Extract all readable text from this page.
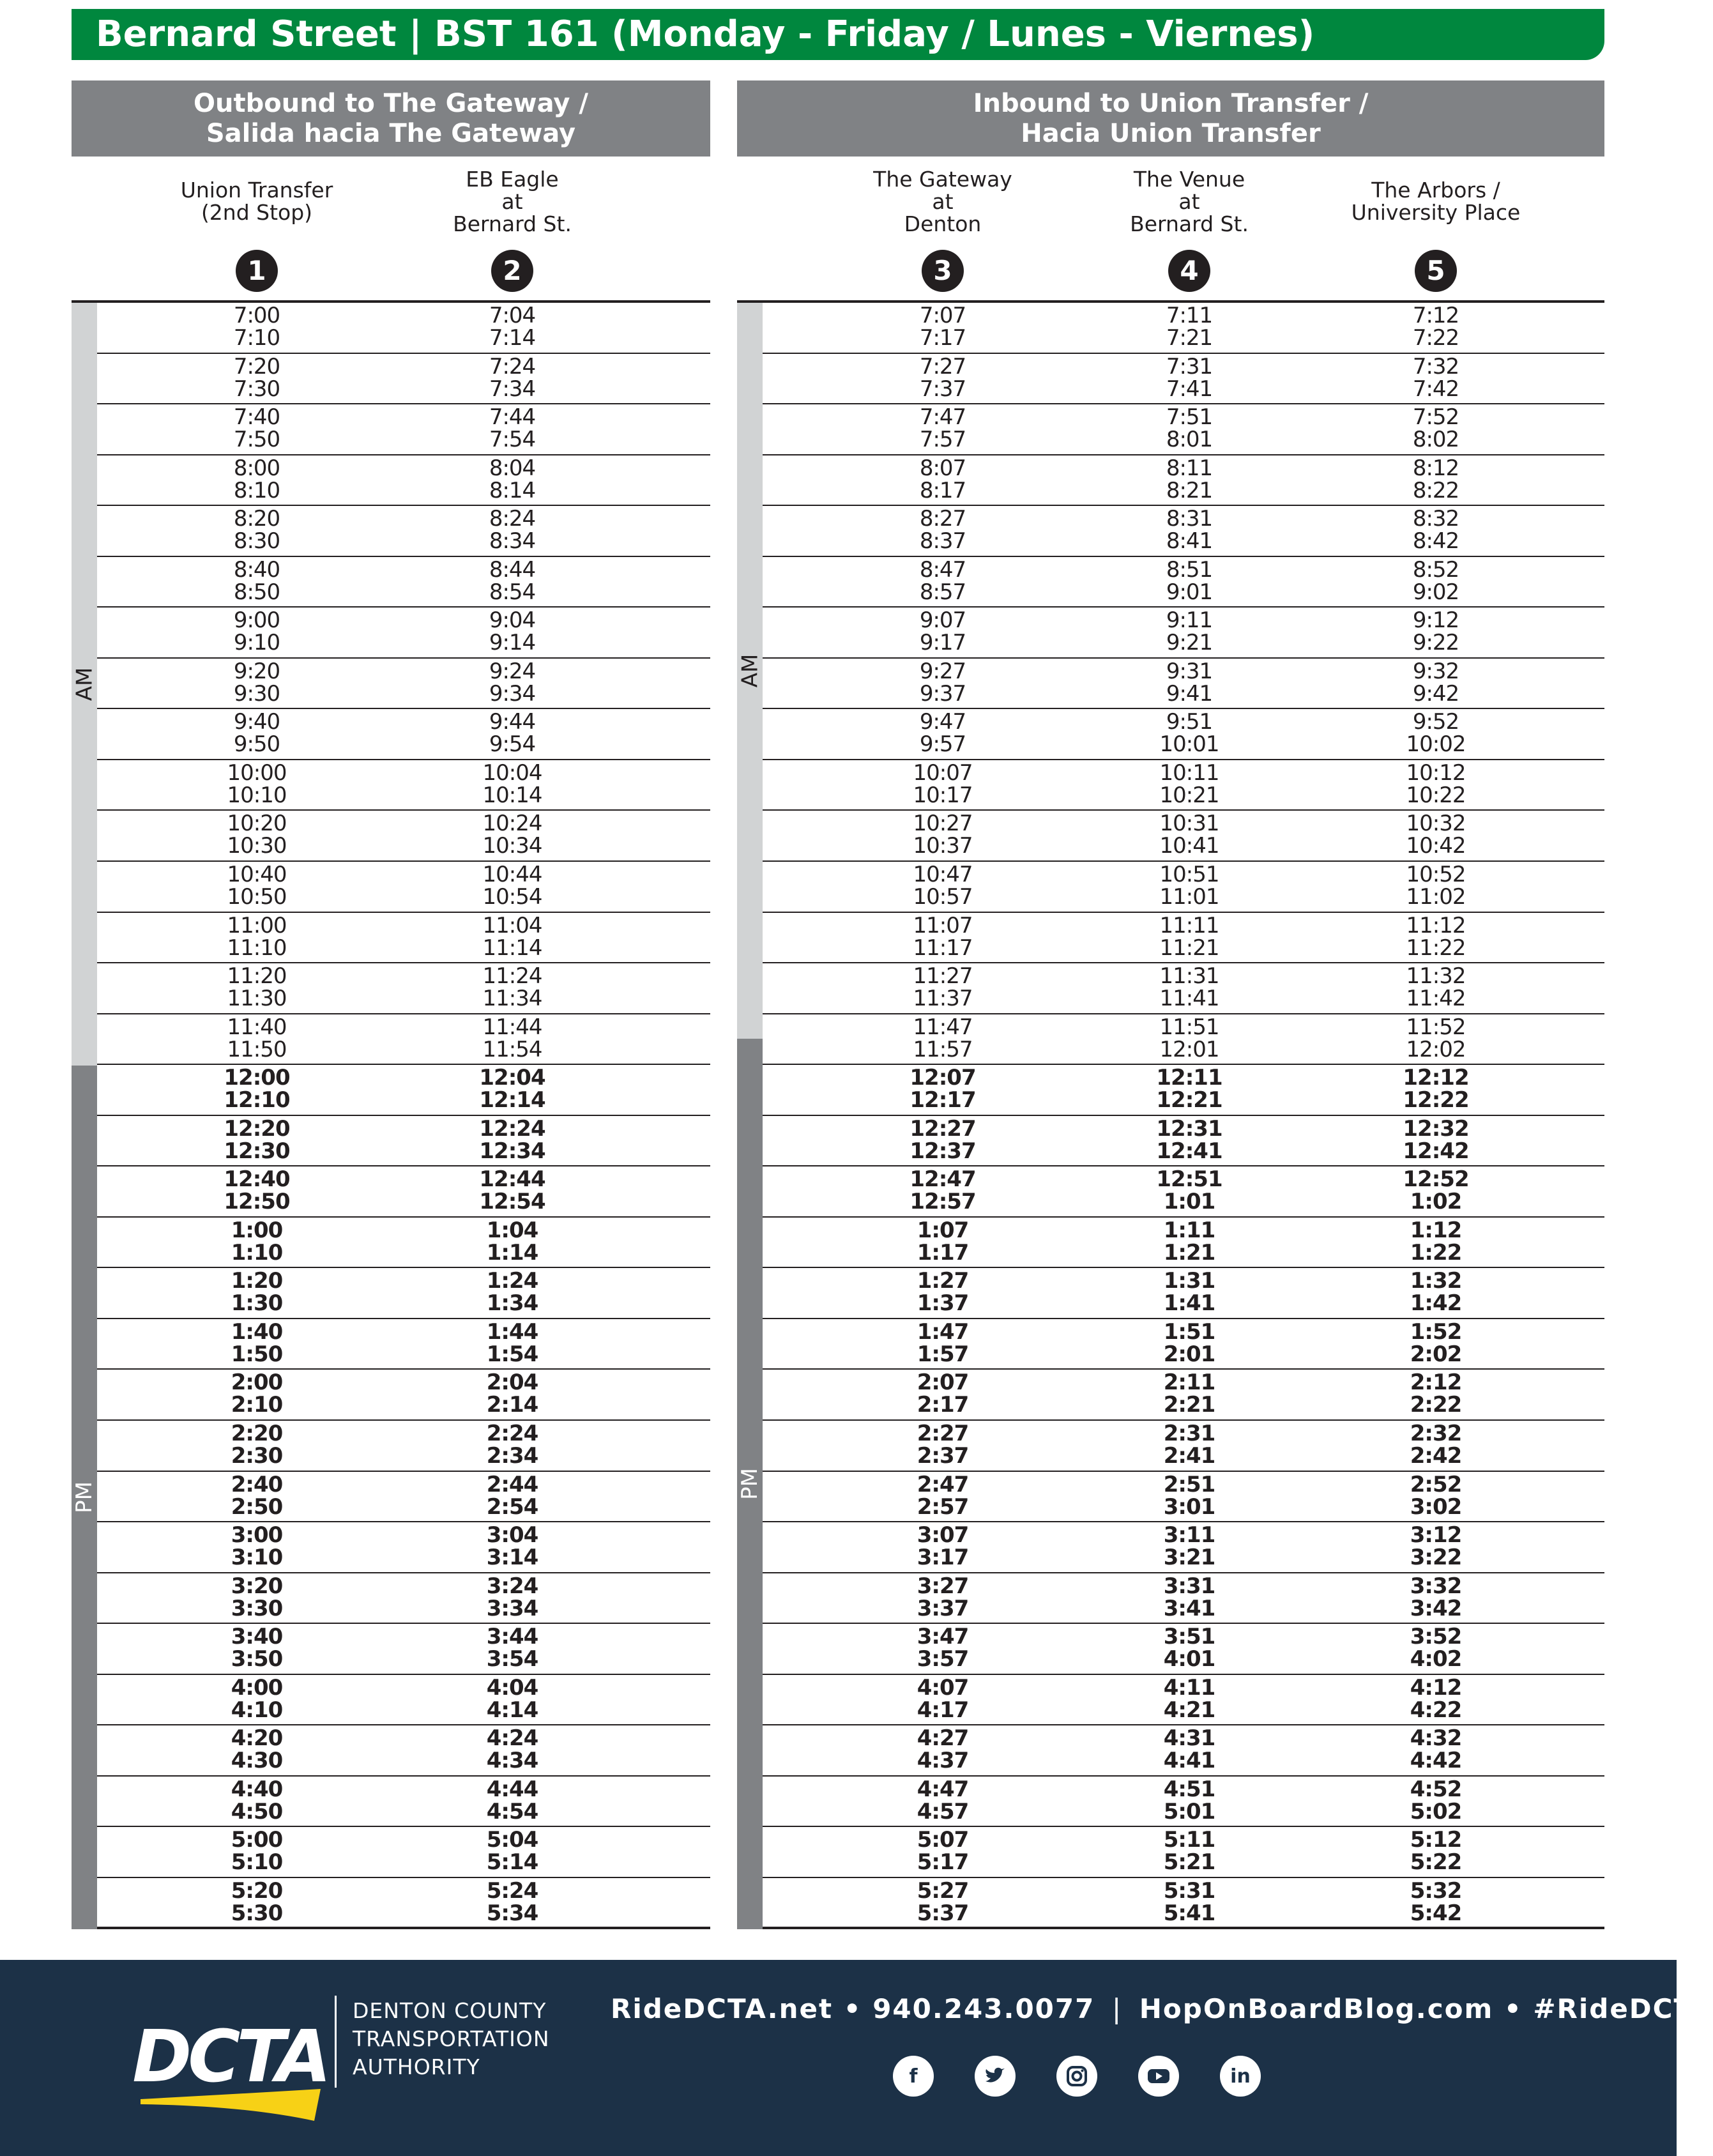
Bernard Street | BST 161 (Monday - Friday / Lunes - Viernes)
Outbound to The Gateway /
Salida hacia The Gateway
Union Transfer
(2nd Stop)
1
EB Eagle
at
Bernard St.
2
AM
PM
7:00
7:10
7:04
7:14
7:20
7:30
7:24
7:34
7:40
7:50
7:44
7:54
8:00
8:10
8:04
8:14
8:20
8:30
8:24
8:34
8:40
8:50
8:44
8:54
9:00
9:10
9:04
9:14
9:20
9:30
9:24
9:34
9:40
9:50
9:44
9:54
10:00
10:10
10:04
10:14
10:20
10:30
10:24
10:34
10:40
10:50
10:44
10:54
11:00
11:10
11:04
11:14
11:20
11:30
11:24
11:34
11:40
11:50
11:44
11:54
12:00
12:10
12:04
12:14
12:20
12:30
12:24
12:34
12:40
12:50
12:44
12:54
1:00
1:10
1:04
1:14
1:20
1:30
1:24
1:34
1:40
1:50
1:44
1:54
2:00
2:10
2:04
2:14
2:20
2:30
2:24
2:34
2:40
2:50
2:44
2:54
3:00
3:10
3:04
3:14
3:20
3:30
3:24
3:34
3:40
3:50
3:44
3:54
4:00
4:10
4:04
4:14
4:20
4:30
4:24
4:34
4:40
4:50
4:44
4:54
5:00
5:10
5:04
5:14
5:20
5:30
5:24
5:34
Inbound to Union Transfer /
Hacia Union Transfer
The Gateway
at
Denton
3
The Venue
at
Bernard St.
4
The Arbors /
University Place
5
AM
PM
7:07
7:17
7:11
7:21
7:12
7:22
7:27
7:37
7:31
7:41
7:32
7:42
7:47
7:57
7:51
8:01
7:52
8:02
8:07
8:17
8:11
8:21
8:12
8:22
8:27
8:37
8:31
8:41
8:32
8:42
8:47
8:57
8:51
9:01
8:52
9:02
9:07
9:17
9:11
9:21
9:12
9:22
9:27
9:37
9:31
9:41
9:32
9:42
9:47
9:57
9:51
10:01
9:52
10:02
10:07
10:17
10:11
10:21
10:12
10:22
10:27
10:37
10:31
10:41
10:32
10:42
10:47
10:57
10:51
11:01
10:52
11:02
11:07
11:17
11:11
11:21
11:12
11:22
11:27
11:37
11:31
11:41
11:32
11:42
11:47
11:57
11:51
12:01
11:52
12:02
12:07
12:17
12:11
12:21
12:12
12:22
12:27
12:37
12:31
12:41
12:32
12:42
12:47
12:57
12:51
1:01
12:52
1:02
1:07
1:17
1:11
1:21
1:12
1:22
1:27
1:37
1:31
1:41
1:32
1:42
1:47
1:57
1:51
2:01
1:52
2:02
2:07
2:17
2:11
2:21
2:12
2:22
2:27
2:37
2:31
2:41
2:32
2:42
2:47
2:57
2:51
3:01
2:52
3:02
3:07
3:17
3:11
3:21
3:12
3:22
3:27
3:37
3:31
3:41
3:32
3:42
3:47
3:57
3:51
4:01
3:52
4:02
4:07
4:17
4:11
4:21
4:12
4:22
4:27
4:37
4:31
4:41
4:32
4:42
4:47
4:57
4:51
5:01
4:52
5:02
5:07
5:17
5:11
5:21
5:12
5:22
5:27
5:37
5:31
5:41
5:32
5:42
DCTA
DENTON COUNTY
TRANSPORTATION
AUTHORITY
RideDCTA.net • 940.243.0077 | HopOnBoardBlog.com • #RideDCTA
f	in
